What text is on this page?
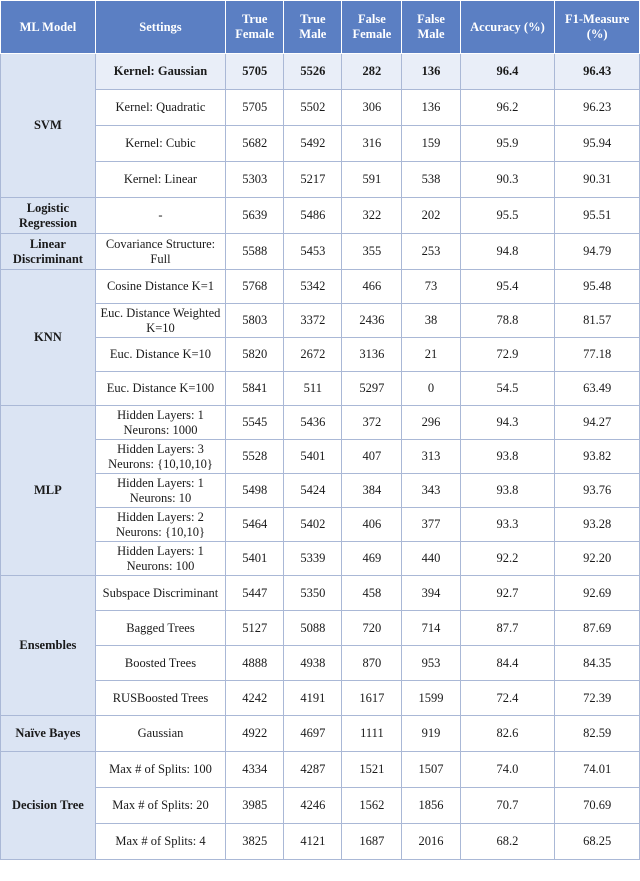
ML Model	Settings	True Female	True Male	False Female	False Male	Accuracy (%)	F1-Measure (%)
SVM	Kernel: Gaussian	5705	5526	282	136	96.4	96.43
	Kernel: Quadratic	5705	5502	306	136	96.2	96.23
	Kernel: Cubic	5682	5492	316	159	95.9	95.94
	Kernel: Linear	5303	5217	591	538	90.3	90.31
Logistic Regression	-	5639	5486	322	202	95.5	95.51
Linear Discriminant	Covariance Structure: Full	5588	5453	355	253	94.8	94.79
KNN	Cosine Distance K=1	5768	5342	466	73	95.4	95.48
	Euc. Distance Weighted K=10	5803	3372	2436	38	78.8	81.57
	Euc. Distance K=10	5820	2672	3136	21	72.9	77.18
	Euc. Distance K=100	5841	511	5297	0	54.5	63.49
MLP	Hidden Layers: 1 Neurons: 1000	5545	5436	372	296	94.3	94.27
	Hidden Layers: 3 Neurons: {10,10,10}	5528	5401	407	313	93.8	93.82
	Hidden Layers: 1 Neurons: 10	5498	5424	384	343	93.8	93.76
	Hidden Layers: 2 Neurons: {10,10}	5464	5402	406	377	93.3	93.28
	Hidden Layers: 1 Neurons: 100	5401	5339	469	440	92.2	92.20
Ensembles	Subspace Discriminant	5447	5350	458	394	92.7	92.69
	Bagged Trees	5127	5088	720	714	87.7	87.69
	Boosted Trees	4888	4938	870	953	84.4	84.35
	RUSBoosted Trees	4242	4191	1617	1599	72.4	72.39
Naïve Bayes	Gaussian	4922	4697	1111	919	82.6	82.59
Decision Tree	Max # of Splits: 100	4334	4287	1521	1507	74.0	74.01
	Max # of Splits: 20	3985	4246	1562	1856	70.7	70.69
	Max # of Splits: 4	3825	4121	1687	2016	68.2	68.25
